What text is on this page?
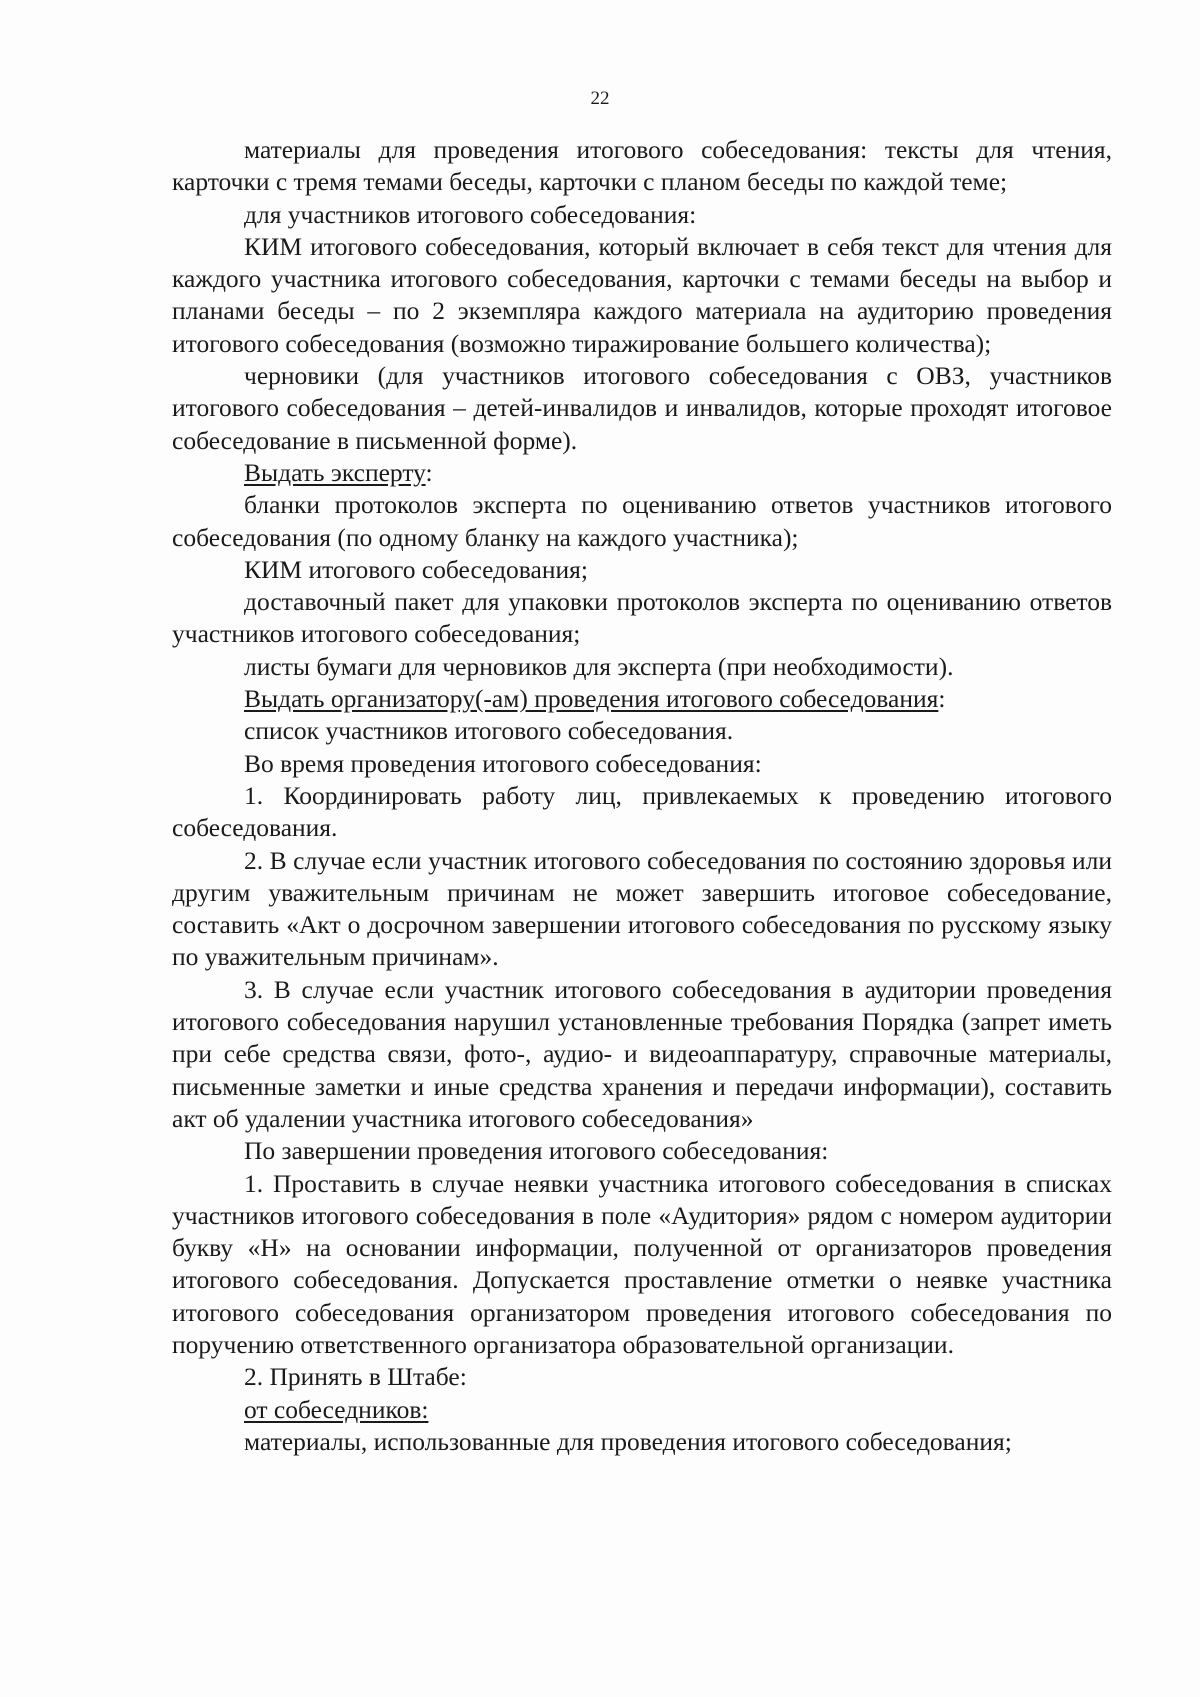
22

материалы для проведения итогового собеседования: тексты для чтения, карточки с тремя темами беседы, карточки с планом беседы по каждой теме;

для участников итогового собеседования:

КИМ итогового собеседования, который включает в себя текст для чтения для каждого участника итогового собеседования, карточки с темами беседы на выбор и планами беседы – по 2 экземпляра каждого материала на аудиторию проведения итогового собеседования (возможно тиражирование большего количества);

черновики (для участников итогового собеседования с ОВЗ, участников итогового собеседования – детей-инвалидов и инвалидов, которые проходят итоговое собеседование в письменной форме).

Выдать эксперту:

бланки протоколов эксперта по оцениванию ответов участников итогового собеседования (по одному бланку на каждого участника);

КИМ итогового собеседования;

доставочный пакет для упаковки протоколов эксперта по оцениванию ответов участников итогового собеседования;

листы бумаги для черновиков для эксперта (при необходимости).

Выдать организатору(-ам) проведения итогового собеседования:

список участников итогового собеседования.

Во время проведения итогового собеседования:

1. Координировать работу лиц, привлекаемых к проведению итогового собеседования.

2. В случае если участник итогового собеседования по состоянию здоровья или другим уважительным причинам не может завершить итоговое собеседование, составить «Акт о досрочном завершении итогового собеседования по русскому языку по уважительным причинам».

3. В случае если участник итогового собеседования в аудитории проведения итогового собеседования нарушил установленные требования Порядка (запрет иметь при себе средства связи, фото-, аудио- и видеоаппаратуру, справочные материалы, письменные заметки и иные средства хранения и передачи информации), составить акт об удалении участника итогового собеседования»

По завершении проведения итогового собеседования:

1. Проставить в случае неявки участника итогового собеседования в списках участников итогового собеседования в поле «Аудитория» рядом с номером аудитории букву «Н» на основании информации, полученной от организаторов проведения итогового собеседования. Допускается проставление отметки о неявке участника итогового собеседования организатором проведения итогового собеседования по поручению ответственного организатора образовательной организации.

2. Принять в Штабе:

от собеседников:

материалы, использованные для проведения итогового собеседования;
